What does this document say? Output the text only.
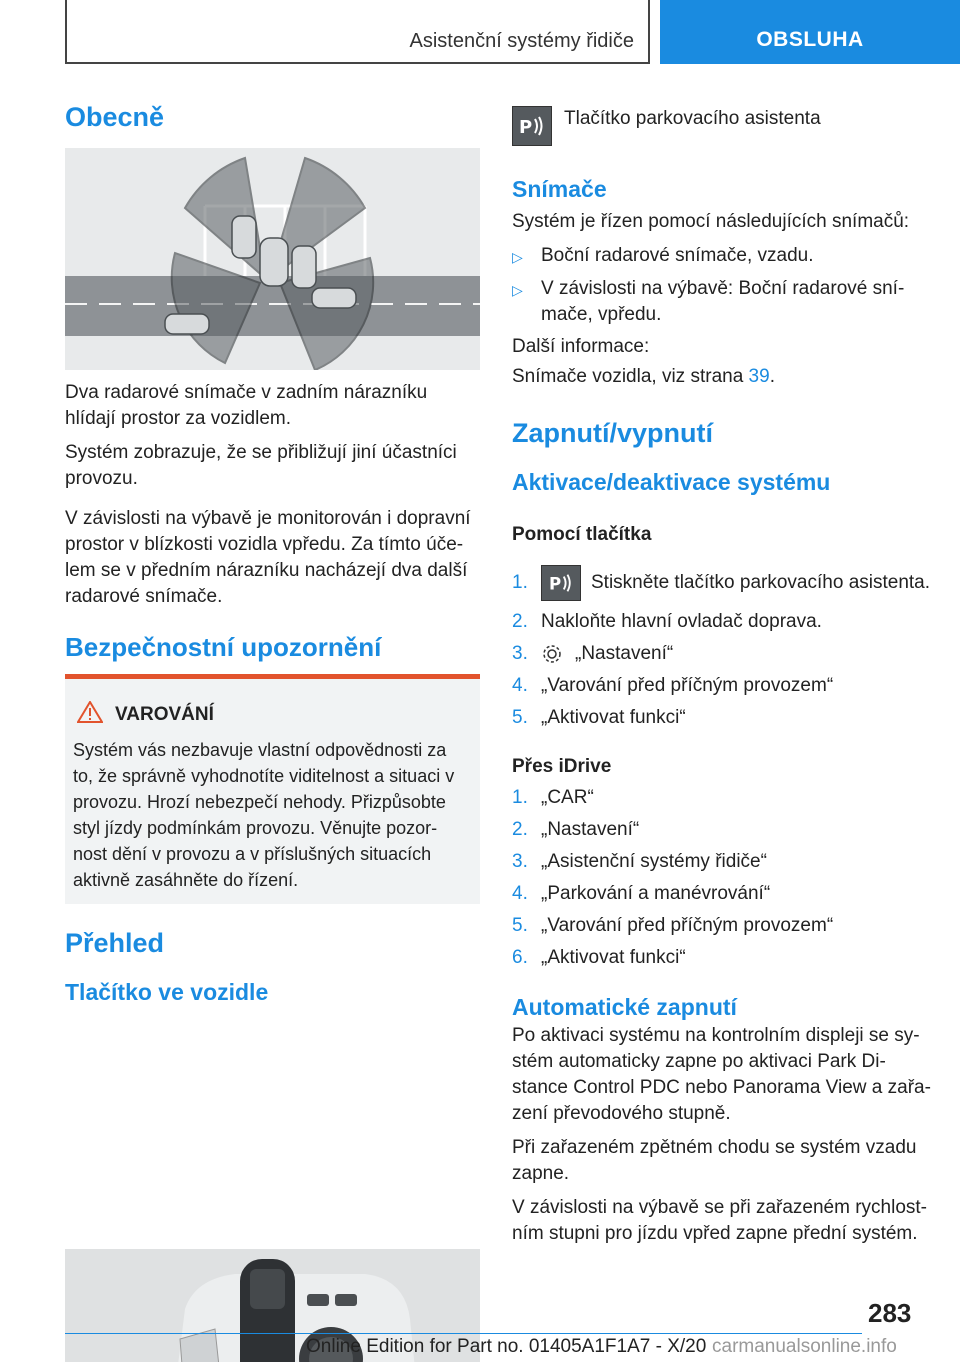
Asistenční systémy řidiče	OBSLUHA
Obecně

Dva radarové snímače v zadním nárazníku hlídají prostor za vozidlem.

Systém zobrazuje, že se přibližují jiní účastníci provozu.

V závislosti na výbavě je monitorován i dopravní prostor v blízkosti vozidla vpředu. Za tímto úče-lem se v předním nárazníku nacházejí dva další radarové snímače.

Bezpečnostní upozornění
VAROVÁNÍ

Systém vás nezbavuje vlastní odpovědnosti za to, že správně vyhodnotíte viditelnost a situaci v provozu. Hrozí nebezpečí nehody. Přizpůsobte styl jízdy podmínkám provozu. Věnujte pozor-nost dění v provozu a v příslušných situacích aktivně zasáhněte do řízení.

Přehled
Tlačítko ve vozidle
P Tlačítko parkovacího asistenta

Snímače

Systém je řízen pomocí následujících snímačů:

▷ Boční radarové snímače, vzadu.
▷ V závislosti na výbavě: Boční radarové sní-mače, vpředu.

Další informace:

Snímače vozidla, viz strana 39.

Zapnutí/vypnutí
Aktivace/deaktivace systému
Pomocí tlačítka
1.	P Stiskněte tlačítko parkovacího asistenta.
2. Nakloňte hlavní ovladač doprava.
3.	„Nastavení“
4. „Varování před příčným provozem“
5. „Aktivovat funkci“
Přes iDrive
1. „CAR“
2. „Nastavení“
3. „Asistenční systémy řidiče“
4. „Parkování a manévrování“
5. „Varování před příčným provozem“
6. „Aktivovat funkci“
Automatické zapnutí

Po aktivaci systému na kontrolním displeji se sy-stém automaticky zapne po aktivaci Park Di-stance Control PDC nebo Panorama View a zařa-zení převodového stupně.

Při zařazeném zpětném chodu se systém vzadu zapne.

V závislosti na výbavě se při zařazeném rychlost-ním stupni pro jízdu vpřed zapne přední systém.

283
Online Edition for Part no. 01405A1F1A7 - X/20 carmanualsonline.info
